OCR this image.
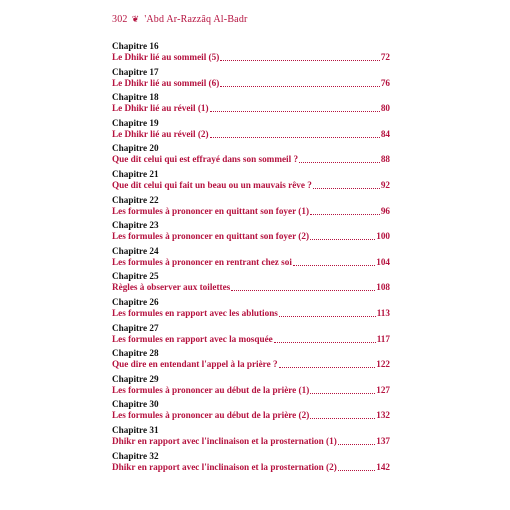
302 ❦ 'Abd Ar-Razzâq Al-Badr
Chapitre 16
Le Dhikr lié au sommeil (5)	72
Chapitre 17
Le Dhikr lié au sommeil (6)	76
Chapitre 18
Le Dhikr lié au réveil (1)	80
Chapitre 19
Le Dhikr lié au réveil (2)	84
Chapitre 20
Que dit celui qui est effrayé dans son sommeil ?	88
Chapitre 21
Que dit celui qui fait un beau ou un mauvais rêve ?	92
Chapitre 22
Les formules à prononcer en quittant son foyer (1)	96
Chapitre 23
Les formules à prononcer en quittant son foyer (2)	100
Chapitre 24
Les formules à prononcer en rentrant chez soi	104
Chapitre 25
Règles à observer aux toilettes	108
Chapitre 26
Les formules en rapport avec les ablutions	113
Chapitre 27
Les formules en rapport avec la mosquée	117
Chapitre 28
Que dire en entendant l'appel à la prière ?	122
Chapitre 29
Les formules à prononcer au début de la prière (1)	127
Chapitre 30
Les formules à prononcer au début de la prière (2)	132
Chapitre 31
Dhikr en rapport avec l'inclinaison et la prosternation (1)	137
Chapitre 32
Dhikr en rapport avec l'inclinaison et la prosternation (2)	142
